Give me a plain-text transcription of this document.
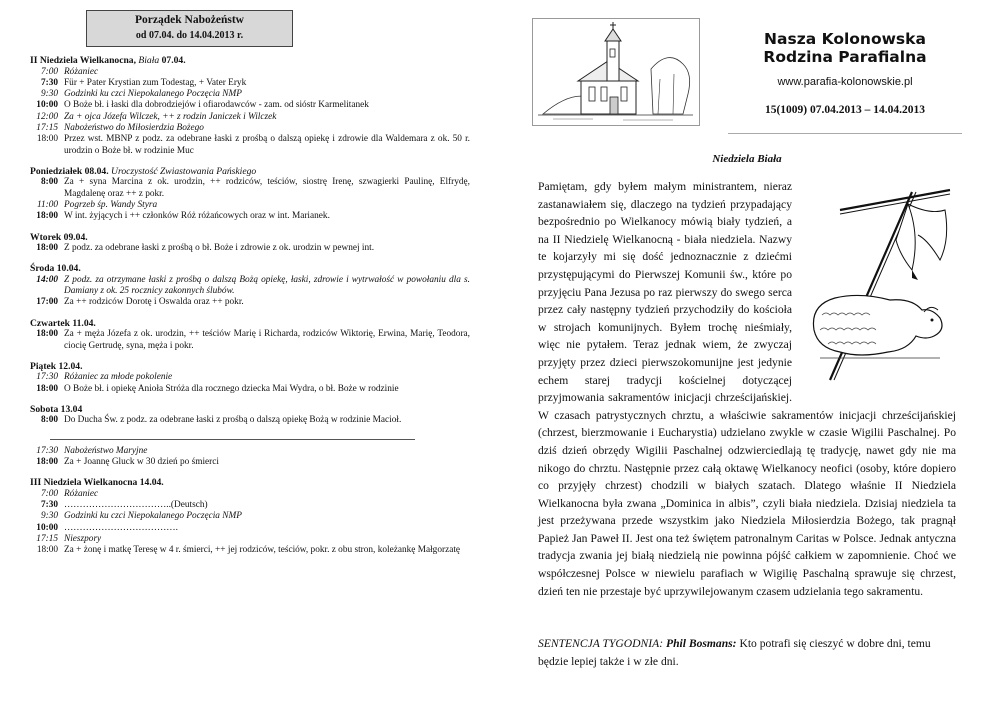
Porządek Nabożeństw
od 07.04. do 14.04.2013 r.
II Niedziela Wielkanocna, Biała 07.04.
7:00 Różaniec
7:30 Für + Pater Krystian zum Todestag, + Vater Eryk
9:30 Godzinki ku czci Niepokalanego Poczęcia NMP
10:00 O Boże bł. i łaski dla dobrodziejów i ofiarodawców - zam. od sióstr Karmelitanek
12:00 Za + ojca Józefa Wilczek, ++ z rodzin Janiczek i Wilczek
17:15 Nabożeństwo do Miłosierdzia Bożego
18:00 Przez wst. MBNP z podz. za odebrane łaski z prośbą o dalszą opiekę i zdrowie dla Waldemara z ok. 50 r. urodzin o Boże bł. w rodzinie Muc
Poniedziałek 08.04. Uroczystość Zwiastowania Pańskiego
8:00 Za + syna Marcina z ok. urodzin, ++ rodziców, teściów, siostrę Irenę, szwagierki Paulinę, Elfrydę, Magdalenę oraz ++ z pokr.
11:00 Pogrzeb śp. Wandy Styra
18:00 W int. żyjących i ++ członków Róż różańcowych oraz w int. Marianek.
Wtorek 09.04.
18:00 Z podz. za odebrane łaski z prośbą o bł. Boże i zdrowie z ok. urodzin w pewnej int.
Środa 10.04.
14:00 Z podz. za otrzymane łaski z prośbą o dalszą Bożą opiekę, łaski, zdrowie i wytrwałość w powołaniu dla s. Damiany z ok. 25 rocznicy zakonnych ślubów.
17:00 Za ++ rodziców Dorotę i Oswalda oraz ++ pokr.
Czwartek 11.04.
18:00 Za + męża Józefa z ok. urodzin, ++ teściów Marię i Richarda, rodziców Wiktorię, Erwina, Marię, Teodora, ciocię Gertrudę, syna, męża i pokr.
Piątek 12.04.
17:30 Różaniec za młode pokolenie
18:00 O Boże bł. i opiekę Anioła Stróża dla rocznego dziecka Mai Wydra, o bł. Boże w rodzinie
Sobota 13.04
8:00 Do Ducha Św. z podz. za odebrane łaski z prośbą o dalszą opiekę Bożą w rodzinie Macioł.
17:30 Nabożeństwo Maryjne
18:00 Za + Joannę Gluck w 30 dzień po śmierci
III Niedziela Wielkanocna 14.04.
7:00 Różaniec
7:30 ……………………………..(Deutsch)
9:30 Godzinki ku czci Niepokalanego Poczęcia NMP
10:00 ……………………………….
17:15 Nieszpory
18:00 Za + żonę i matkę Teresę w 4 r. śmierci, ++ jej rodziców, teściów, pokr. z obu stron, koleżankę Małgorzatę
Nasza Kolonowska
Rodzina Parafialna
www.parafia-kolonowskie.pl
15(1009) 07.04.2013 – 14.04.2013
Niedziela Biała

Pamiętam, gdy byłem małym ministrantem, nieraz zastanawiałem się, dlaczego na tydzień przypadający bezpośrednio po Wielkanocy mówią biały tydzień, a na II Niedzielę Wielkanocną - biała niedziela. Nazwy te kojarzyły mi się dość jednoznacznie z dziećmi przystępującymi do Pierwszej Komunii św., które po przyjęciu Pana Jezusa po raz pierwszy do swego serca przez cały następny tydzień przychodziły do kościoła w strojach komunijnych. Byłem trochę nieśmiały, więc nie pytałem. Teraz jednak wiem, że zwyczaj przyjęty przez dzieci pierwszokomunijne jest jedynie echem starej tradycji kościelnej dotyczącej przyjmowania sakramentów inicjacji chrześcijańskiej. W czasach patrystycznych chrztu, a właściwie sakramentów inicjacji chrześcijańskiej (chrzest, bierzmowanie i Eucharystia) udzielano zwykle w czasie Wigilii Paschalnej. Po dziś dzień obrzędy Wigilii Paschalnej odzwierciedlają tę tradycję, nawet gdy nie ma nikogo do chrztu. Następnie przez całą oktawę Wielkanocy neofici (osoby, które dopiero co przyjęły chrzest) chodzili w białych szatach. Dlatego właśnie II Niedziela Wielkanocna była zwana „Dominica in albis”, czyli biała niedziela. Dzisiaj niedziela ta jest przeżywana przede wszystkim jako Niedziela Miłosierdzia Bożego, tak pragnął Papież Jan Paweł II. Jest ona też świętem patronalnym Caritas w Polsce. Jednak antyczna tradycja zwania jej białą niedzielą nie powinna pójść całkiem w zapomnienie. Choć we współczesnej Polsce w niewielu parafiach w Wigilię Paschalną sprawuje się chrzest, dzień ten nie przestaje być uprzywilejowanym czasem udzielania tego sakramentu.

SENTENCJA TYGODNIA: Phil Bosmans: Kto potrafi się cieszyć w dobre dni, temu będzie lepiej także i w złe dni.
